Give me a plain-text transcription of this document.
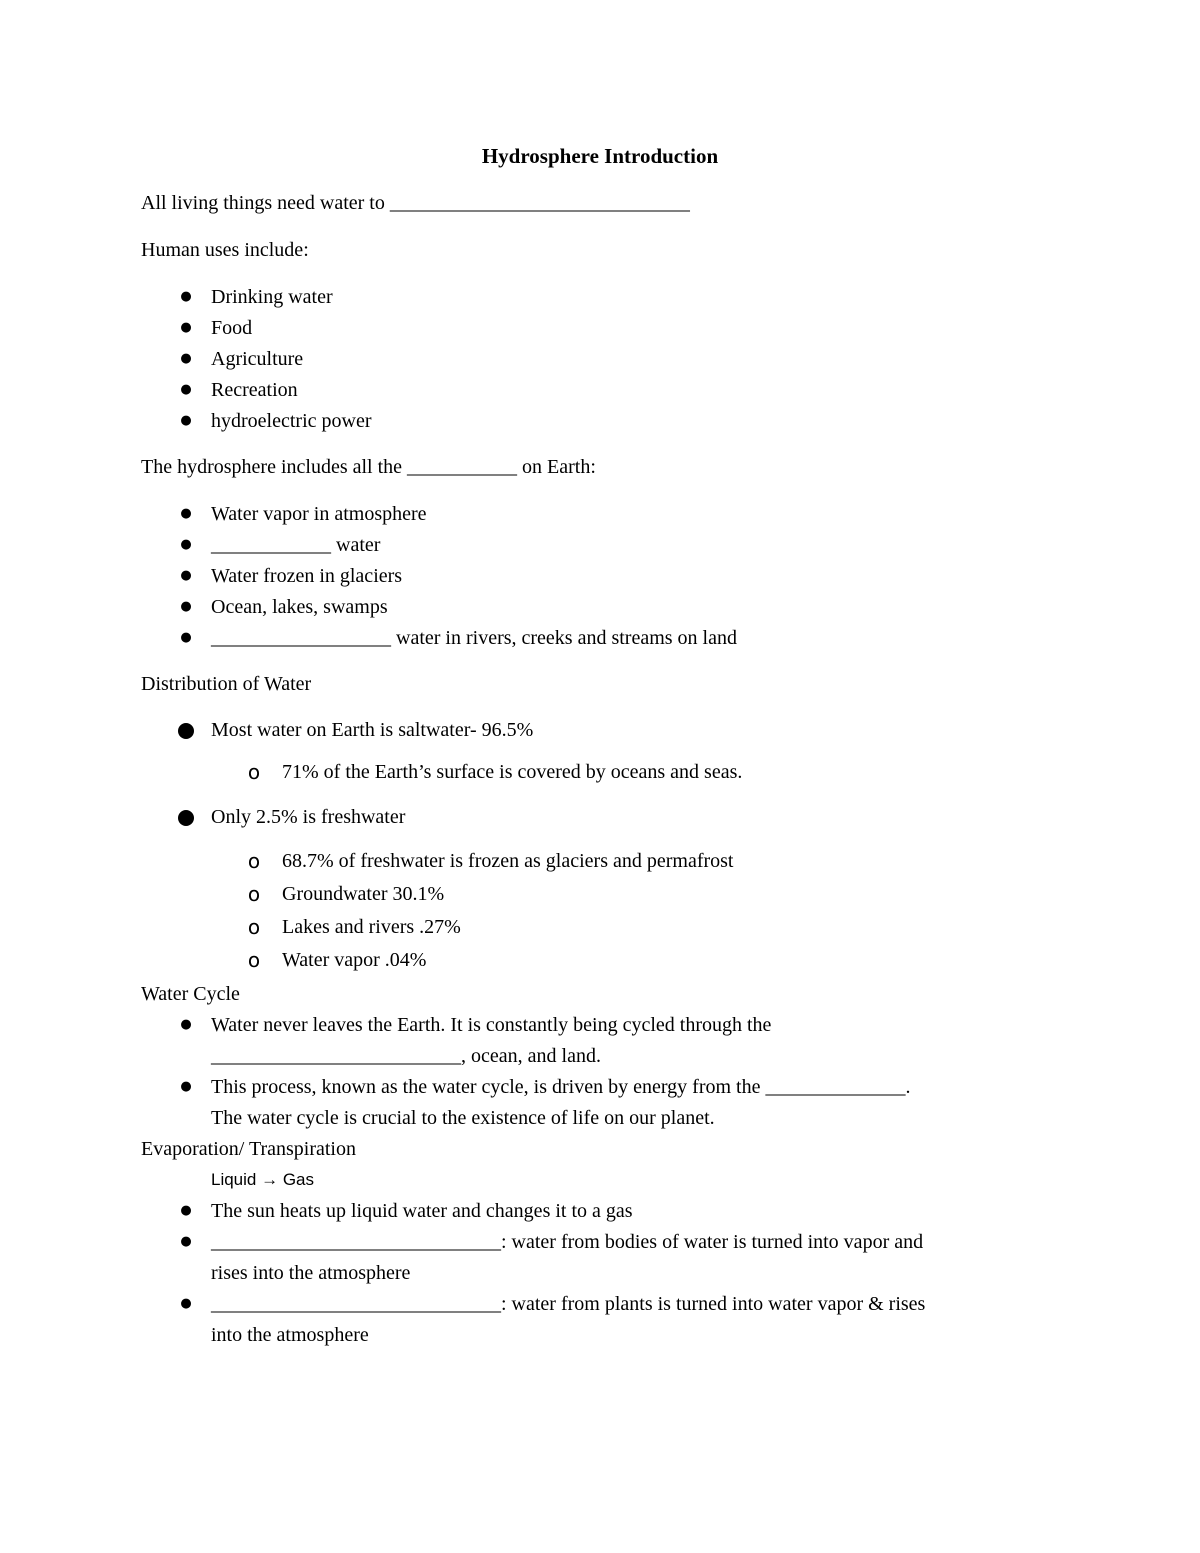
Hydrosphere Introduction
All living things need water to ______________________________
Human uses include:
● Drinking water
● Food
● Agriculture
● Recreation
● hydroelectric power
The hydrosphere includes all the ___________ on Earth:
● Water vapor in atmosphere
● ____________ water
● Water frozen in glaciers
● Ocean, lakes, swamps
● __________________ water in rivers, creeks and streams on land
Distribution of Water
Most water on Earth is saltwater- 96.5%
o 71% of the Earth’s surface is covered by oceans and seas.
Only 2.5% is freshwater
o 68.7% of freshwater is frozen as glaciers and permafrost
o Groundwater 30.1%
o Lakes and rivers .27%
o Water vapor .04%
Water Cycle
● Water never leaves the Earth. It is constantly being cycled through the
_________________________, ocean, and land.
● This process, known as the water cycle, is driven by energy from the ______________.
The water cycle is crucial to the existence of life on our planet.
Evaporation/ Transpiration
Liquid → Gas
● The sun heats up liquid water and changes it to a gas
● _____________________________: water from bodies of water is turned into vapor and
rises into the atmosphere
● _____________________________: water from plants is turned into water vapor & rises
into the atmosphere
